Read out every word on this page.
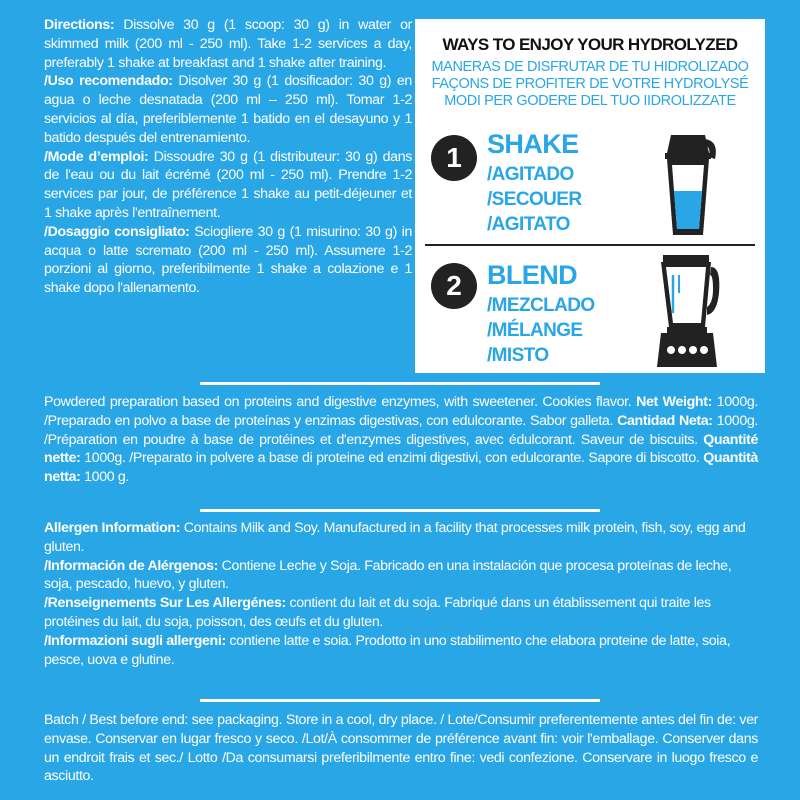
Directions: Dissolve 30 g (1 scoop: 30 g) in water or skimmed milk (200 ml - 250 ml). Take 1-2 services a day, preferably 1 shake at breakfast and 1 shake after training.

/Uso recomendado: Disolver 30 g (1 dosificador: 30 g) en agua o leche desnatada (200 ml – 250 ml). Tomar 1-2 servicios al día, preferiblemente 1 batido en el desayuno y 1 batido después del entrenamiento.

/Mode d’emploi: Dissoudre 30 g (1 distributeur: 30 g) dans de l'eau ou du lait écrémé (200 ml - 250 ml). Prendre 1-2 services par jour, de préférence 1 shake au petit-déjeuner et 1 shake après l'entraînement.

/Dosaggio consigliato: Sciogliere 30 g (1 misurino: 30 g) in acqua o latte scremato (200 ml - 250 ml). Assumere 1-2 porzioni al giorno, preferibilmente 1 shake a colazione e 1 shake dopo l'allenamento.

WAYS TO ENJOY YOUR HYDROLYZED
MANERAS DE DISFRUTAR DE TU HIDROLIZADO
FAÇONS DE PROFITER DE VOTRE HYDROLYSÉ
MODI PER GODERE DEL TUO IIDROLIZZATE
1 SHAKE
/AGITADO
/SECOUER
/AGITATO
2 BLEND
/MEZCLADO
/MÉLANGE
/MISTO

Powdered preparation based on proteins and digestive enzymes, with sweetener. Cookies flavor. Net Weight: 1000g. /Preparado en polvo a base de proteínas y enzimas digestivas, con edulcorante. Sabor galleta. Cantidad Neta: 1000g. /Préparation en poudre à base de protéines et d'enzymes digestives, avec édulcorant. Saveur de biscuits. Quantité nette: 1000g. /Preparato in polvere a base di proteine ed enzimi digestivi, con edulcorante. Sapore di biscotto. Quantità netta: 1000 g.

Allergen Information: Contains Milk and Soy. Manufactured in a facility that processes milk protein, fish, soy, egg and gluten.

/Información de Alérgenos: Contiene Leche y Soja. Fabricado en una instalación que procesa proteínas de leche, soja, pescado, huevo, y gluten.

/Renseignements Sur Les Allergénes: contient du lait et du soja. Fabriqué dans un établissement qui traite les protéines du lait, du soja, poisson, des œufs et du gluten.

/Informazioni sugli allergeni: contiene latte e soia. Prodotto in uno stabilimento che elabora proteine de latte, soia, pesce, uova e glutine.

Batch / Best before end: see packaging. Store in a cool, dry place. / Lote/Consumir preferentemente antes del fin de: ver envase. Conservar en lugar fresco y seco. /Lot/À consommer de préférence avant fin: voir l'emballage. Conserver dans un endroit frais et sec./ Lotto /Da consumarsi preferibilmente entro fine: vedi confezione. Conservare in luogo fresco e asciutto.
